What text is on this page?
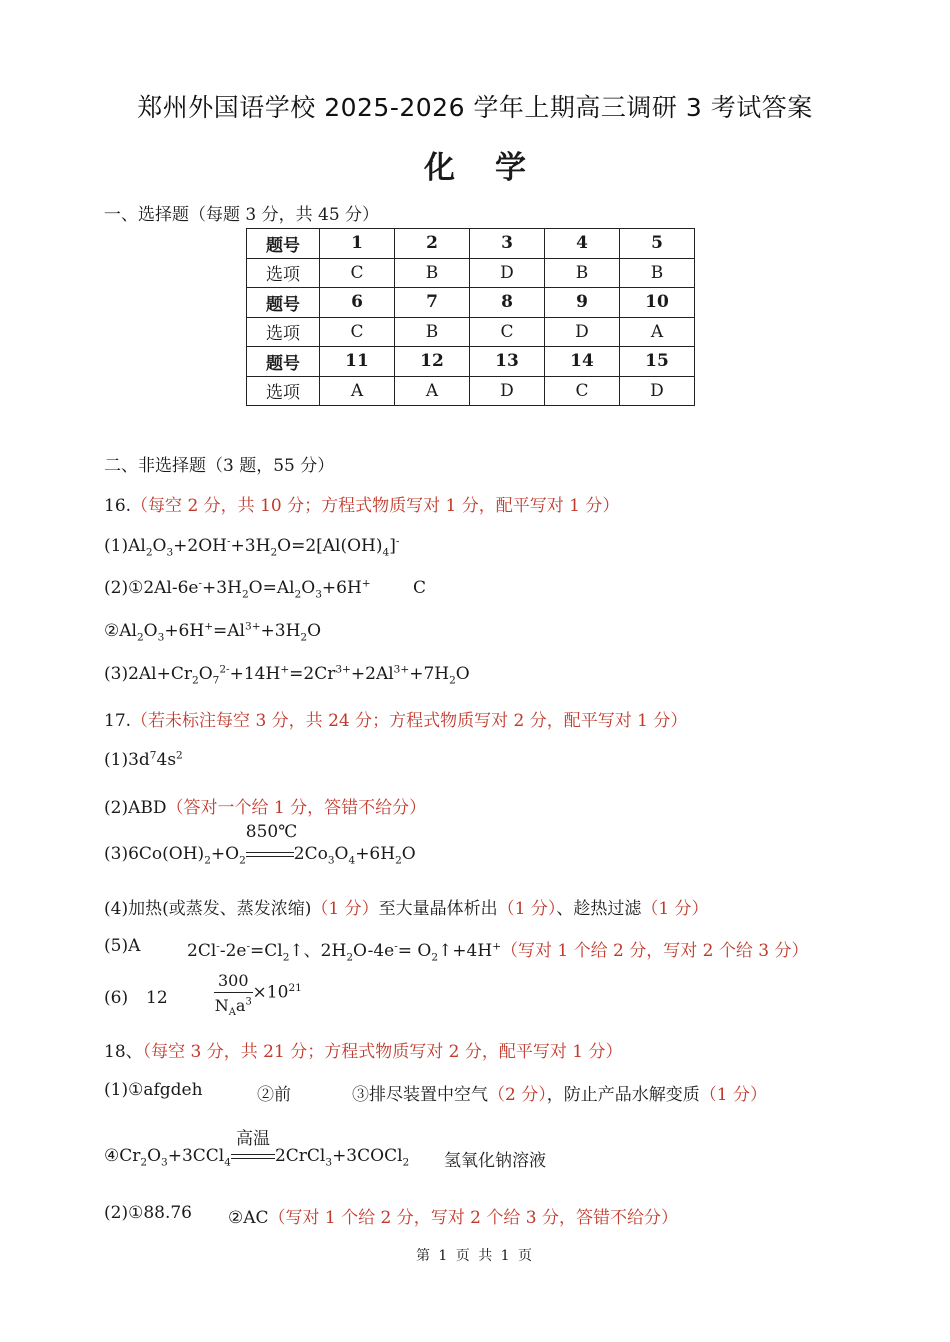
郑州外国语学校 2025-2026 学年上期高三调研 3 考试答案
化学
一、选择题（每题 3 分，共 45 分）
题号	1	2	3	4	5
选项	C	B	D	B	B
题号	6	7	8	9	10
选项	C	B	C	D	A
题号	11	12	13	14	15
选项	A	A	D	C	D
二、非选择题（3 题，55 分）
16.（每空 2 分，共 10 分；方程式物质写对 1 分，配平写对 1 分）
$(1)Al_2O_3+2OH^-+3H_2O=2[Al(OH)_4]^-$
$(2)①2Al-6e^-+3H_2O=Al_2O_3+6H^+$ C
$②Al_2O_3+6H^+=Al^{3+}+3H_2O$
$(3)2Al+Cr_2O_7^{2-}+14H^+=2Cr^{3+}+2Al^{3+}+7H_2O$
17.（若未标注每空 3 分，共 24 分；方程式物质写对 2 分，配平写对 1 分）
$(1)3d^74s^2$
(2)ABD（答对一个给 1 分，答错不给分）
$(3)6Co(OH)_2+O_2$
850℃
$2Co_3O_4+6H_2O$
(4)加热(或蒸发、蒸发浓缩)（1 分）至大量晶体析出（1 分）、趁热过滤（1 分）
(5)A	$2Cl^--2e^-=Cl_2↑$、$2H_2O-4e^-=$ $O_2↑+4H^+$（写对 1 个给 2 分，写对 2 个给 3 分）
(6) 12	$\frac{300}{N_Aa^3} \times 10^{21}$
18、（每空 3 分，共 21 分；方程式物质写对 2 分，配平写对 1 分）
(1)①afgdeh	②前	③排尽装置中空气（2 分），防止产品水解变质（1 分）
$④Cr_2O_3+3CCl_4$
高温
2CrCl$_3$+3COCl$_2$ 氢氧化钠溶液
(2)①88.76 ②AC（写对 1 个给 2 分，写对 2 个给 3 分，答错不给分）
第 1 页 共 1 页
